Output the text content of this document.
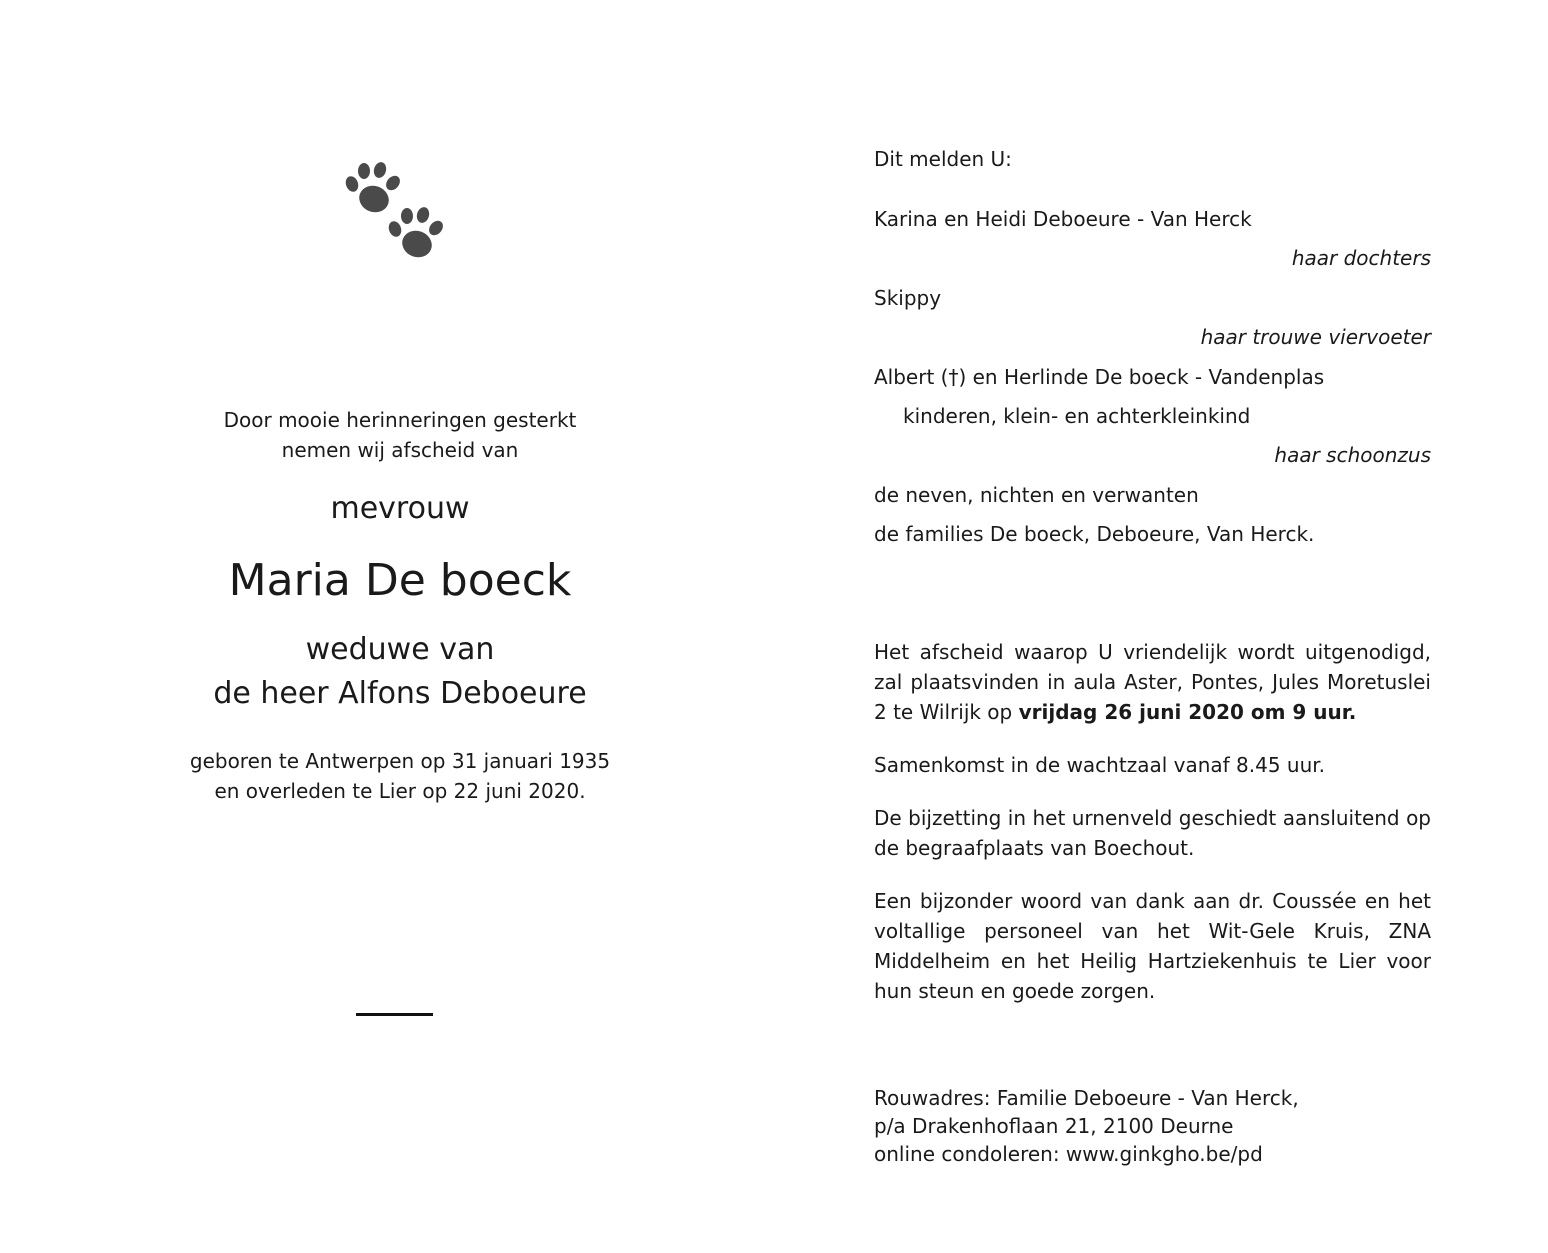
Door mooie herinneringen gesterkt
nemen wij afscheid van
mevrouw
Maria De boeck
weduwe van
de heer Alfons Deboeure
geboren te Antwerpen op 31 januari 1935
en overleden te Lier op 22 juni 2020.
Dit melden U:
Karina en Heidi Deboeure - Van Herck
haar dochters
Skippy
haar trouwe viervoeter
Albert (†) en Herlinde De boeck - Vandenplas
kinderen, klein- en achterkleinkind
haar schoonzus
de neven, nichten en verwanten
de families De boeck, Deboeure, Van Herck.
Het afscheid waarop U vriendelijk wordt uitgenodigd, zal plaatsvinden in aula Aster, Pontes, Jules Moretuslei 2 te Wilrijk op vrijdag 26 juni 2020 om 9 uur.
Samenkomst in de wachtzaal vanaf 8.45 uur.
De bijzetting in het urnenveld geschiedt aansluitend op de begraafplaats van Boechout.
Een bijzonder woord van dank aan dr. Coussée en het voltallige personeel van het Wit-Gele Kruis, ZNA Middelheim en het Heilig Hartziekenhuis te Lier voor hun steun en goede zorgen.
Rouwadres: Familie Deboeure - Van Herck,
p/a Drakenhoflaan 21, 2100 Deurne
online condoleren: www.ginkgho.be/pd
